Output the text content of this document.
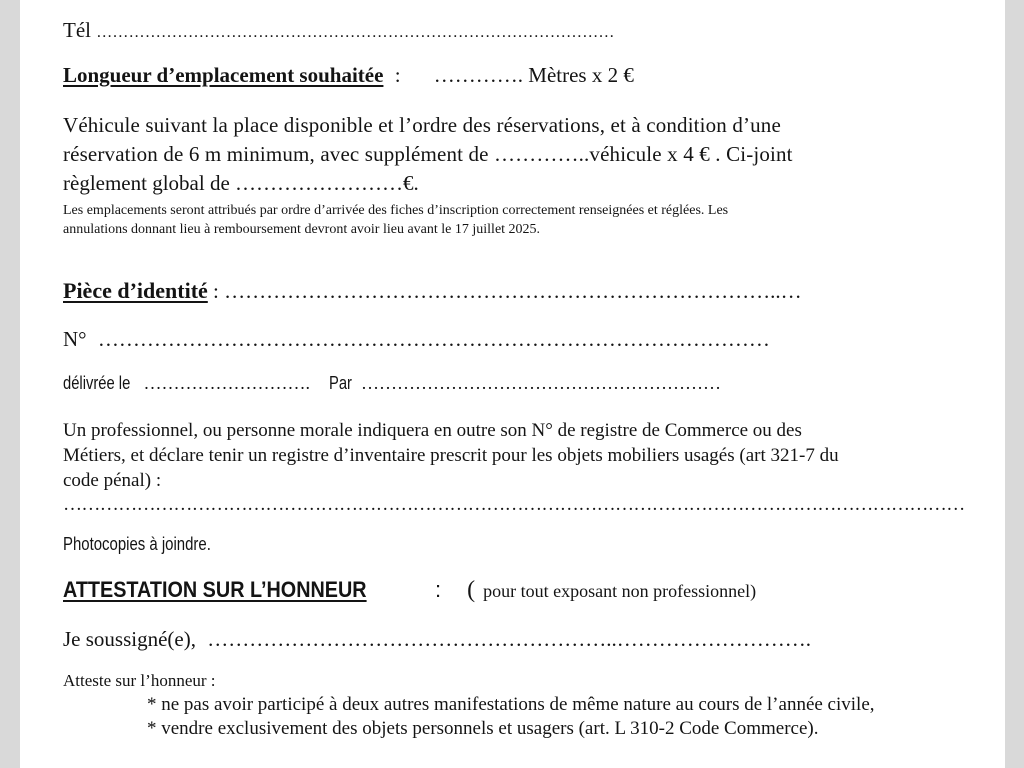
Tél ……………………………………………………………………………………
Longueur d’emplacement souhaitée : …………. Mètres x 2 €
Véhicule suivant la place disponible et l’ordre des réservations, et à condition d’une
réservation de 6 m minimum, avec supplément de …………..véhicule x 4 € . Ci-joint
règlement global de ……………………€.
Les emplacements seront attribués par ordre d’arrivée des fiches d’inscription correctement renseignées et réglées. Les
annulations donnant lieu à remboursement devront avoir lieu avant le 17 juillet 2025.
Pièce d’identité : ……………………………………………………………………..…
N° ……………………………………………………………………………………
délivrée le ………………………. Par ……………………………………………………
Un professionnel, ou personne morale indiquera en outre son N° de registre de Commerce ou des
Métiers, et déclare tenir un registre d’inventaire prescrit pour les objets mobiliers usagés (art 321-7 du
code pénal) :
…………………………………………………………………………………………………………………………………
Photocopies à joindre.
ATTESTATION SUR L’HONNEUR	: ( pour tout exposant non professionnel)
Je soussigné(e), …………………………………………………..……………………….
Atteste sur l’honneur :
* ne pas avoir participé à deux autres manifestations de même nature au cours de l’année civile,
* vendre exclusivement des objets personnels et usagers (art. L 310-2 Code Commerce).
